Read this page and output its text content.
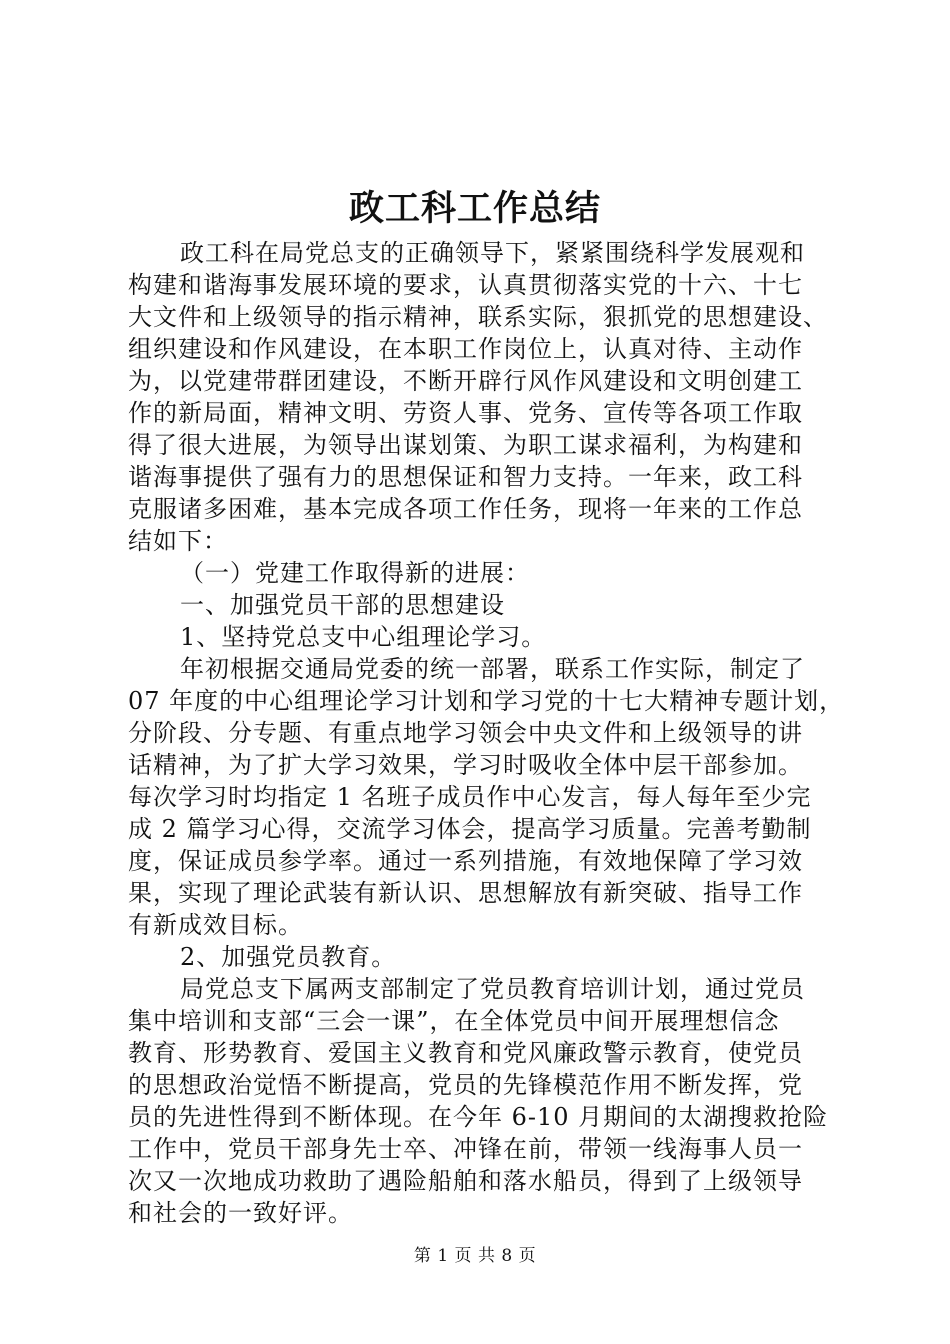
政工科工作总结
政工科在局党总支的正确领导下，紧紧围绕科学发展观和
构建和谐海事发展环境的要求，认真贯彻落实党的十六、十七
大文件和上级领导的指示精神，联系实际，狠抓党的思想建设、
组织建设和作风建设，在本职工作岗位上，认真对待、主动作
为，以党建带群团建设，不断开辟行风作风建设和文明创建工
作的新局面，精神文明、劳资人事、党务、宣传等各项工作取
得了很大进展，为领导出谋划策、为职工谋求福利，为构建和
谐海事提供了强有力的思想保证和智力支持。一年来，政工科
克服诸多困难，基本完成各项工作任务，现将一年来的工作总
结如下：
（一）党建工作取得新的进展：
一、加强党员干部的思想建设
1、坚持党总支中心组理论学习。
年初根据交通局党委的统一部署，联系工作实际，制定了
07 年度的中心组理论学习计划和学习党的十七大精神专题计划，
分阶段、分专题、有重点地学习领会中央文件和上级领导的讲
话精神，为了扩大学习效果，学习时吸收全体中层干部参加。
每次学习时均指定 1 名班子成员作中心发言，每人每年至少完
成 2 篇学习心得，交流学习体会，提高学习质量。完善考勤制
度，保证成员参学率。通过一系列措施，有效地保障了学习效
果，实现了理论武装有新认识、思想解放有新突破、指导工作
有新成效目标。
2、加强党员教育。
局党总支下属两支部制定了党员教育培训计划，通过党员
集中培训和支部“三会一课”，在全体党员中间开展理想信念
教育、形势教育、爱国主义教育和党风廉政警示教育，使党员
的思想政治觉悟不断提高，党员的先锋模范作用不断发挥，党
员的先进性得到不断体现。在今年 6-10 月期间的太湖搜救抢险
工作中，党员干部身先士卒、冲锋在前，带领一线海事人员一
次又一次地成功救助了遇险船舶和落水船员，得到了上级领导
和社会的一致好评。
第 1 页 共 8 页
